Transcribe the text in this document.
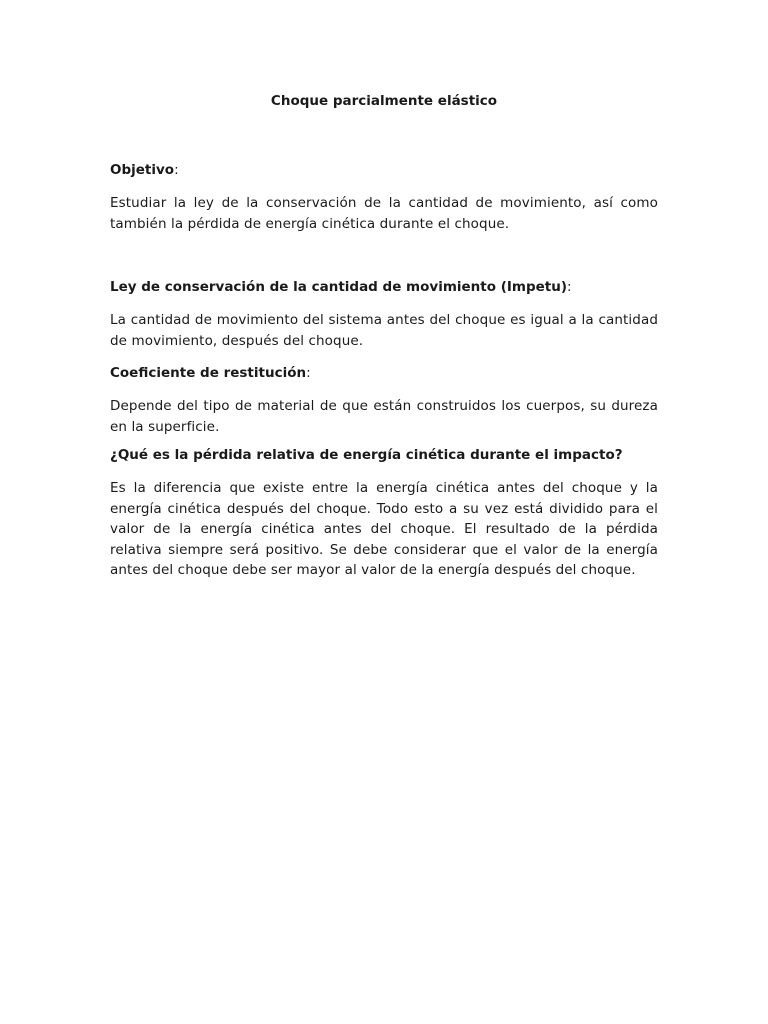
Choque parcialmente elástico

Objetivo:

Estudiar la ley de la conservación de la cantidad de movimiento, así como también la pérdida de energía cinética durante el choque.

Ley de conservación de la cantidad de movimiento (Impetu):

La cantidad de movimiento del sistema antes del choque es igual a la cantidad de movimiento, después del choque.

Coeficiente de restitución:

Depende del tipo de material de que están construidos los cuerpos, su dureza en la superficie.

¿Qué es la pérdida relativa de energía cinética durante el impacto?

Es la diferencia que existe entre la energía cinética antes del choque y la energía cinética después del choque. Todo esto a su vez está dividido para el valor de la energía cinética antes del choque. El resultado de la pérdida relativa siempre será positivo. Se debe considerar que el valor de la energía antes del choque debe ser mayor al valor de la energía después del choque.
